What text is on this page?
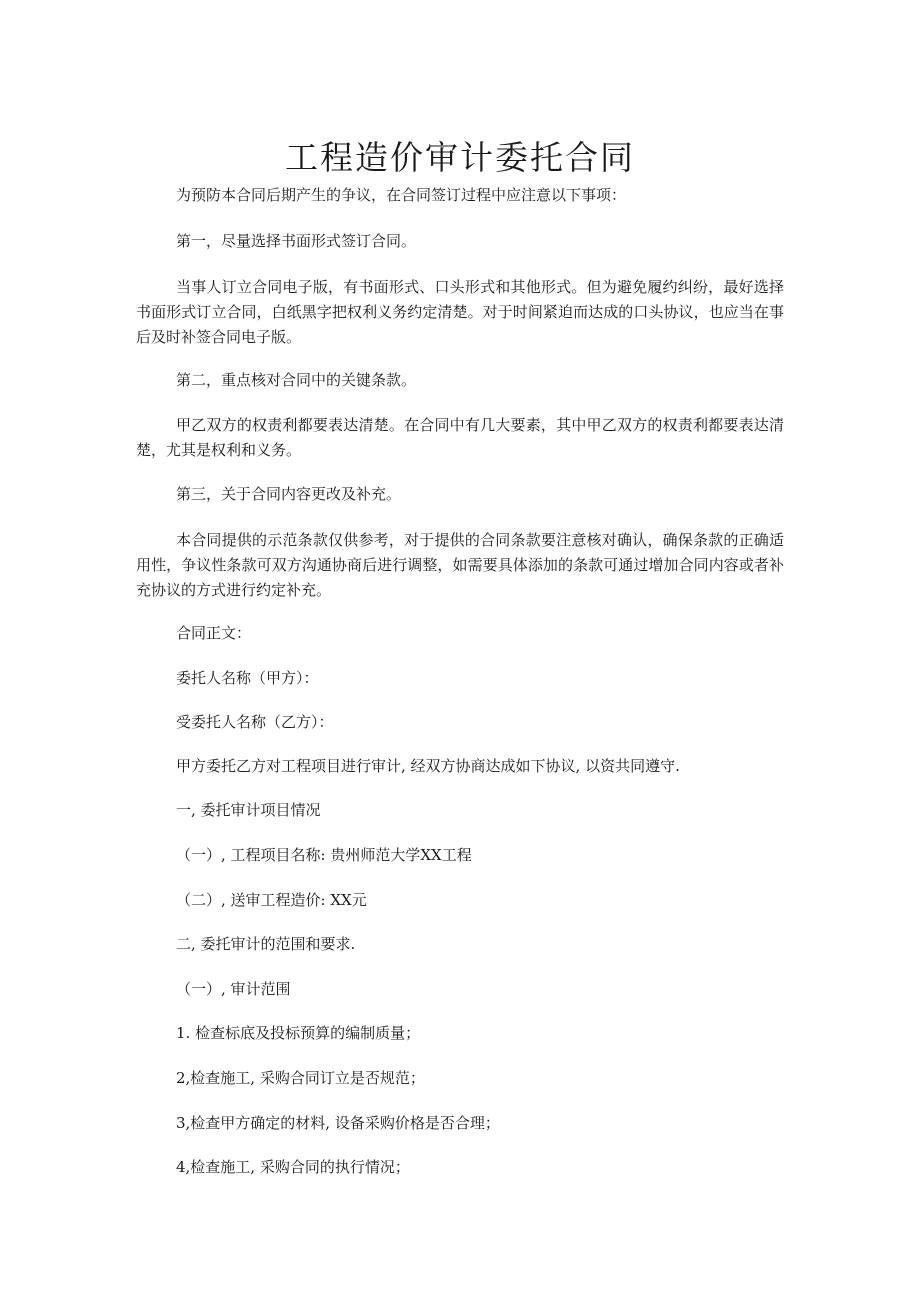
工程造价审计委托合同

为预防本合同后期产生的争议，在合同签订过程中应注意以下事项：

第一，尽量选择书面形式签订合同。

当事人订立合同电子版，有书面形式、口头形式和其他形式。但为避免履约纠纷，最好选择书面形式订立合同，白纸黑字把权利义务约定清楚。对于时间紧迫而达成的口头协议，也应当在事后及时补签合同电子版。

第二，重点核对合同中的关键条款。

甲乙双方的权责利都要表达清楚。在合同中有几大要素，其中甲乙双方的权责利都要表达清楚，尤其是权利和义务。

第三，关于合同内容更改及补充。

本合同提供的示范条款仅供参考，对于提供的合同条款要注意核对确认，确保条款的正确适用性，争议性条款可双方沟通协商后进行调整，如需要具体添加的条款可通过增加合同内容或者补充协议的方式进行约定补充。

合同正文：

委托人名称（甲方）：

受委托人名称（乙方）：

甲方委托乙方对工程项目进行审计, 经双方协商达成如下协议, 以资共同遵守.

一, 委托审计项目情况

（一）, 工程项目名称: 贵州师范大学XX工程

（二）, 送审工程造价: XX元

二, 委托审计的范围和要求.

（一）, 审计范围

1. 检查标底及投标预算的编制质量；

2,检查施工, 采购合同订立是否规范；

3,检查甲方确定的材料, 设备采购价格是否合理；

4,检查施工, 采购合同的执行情况；
